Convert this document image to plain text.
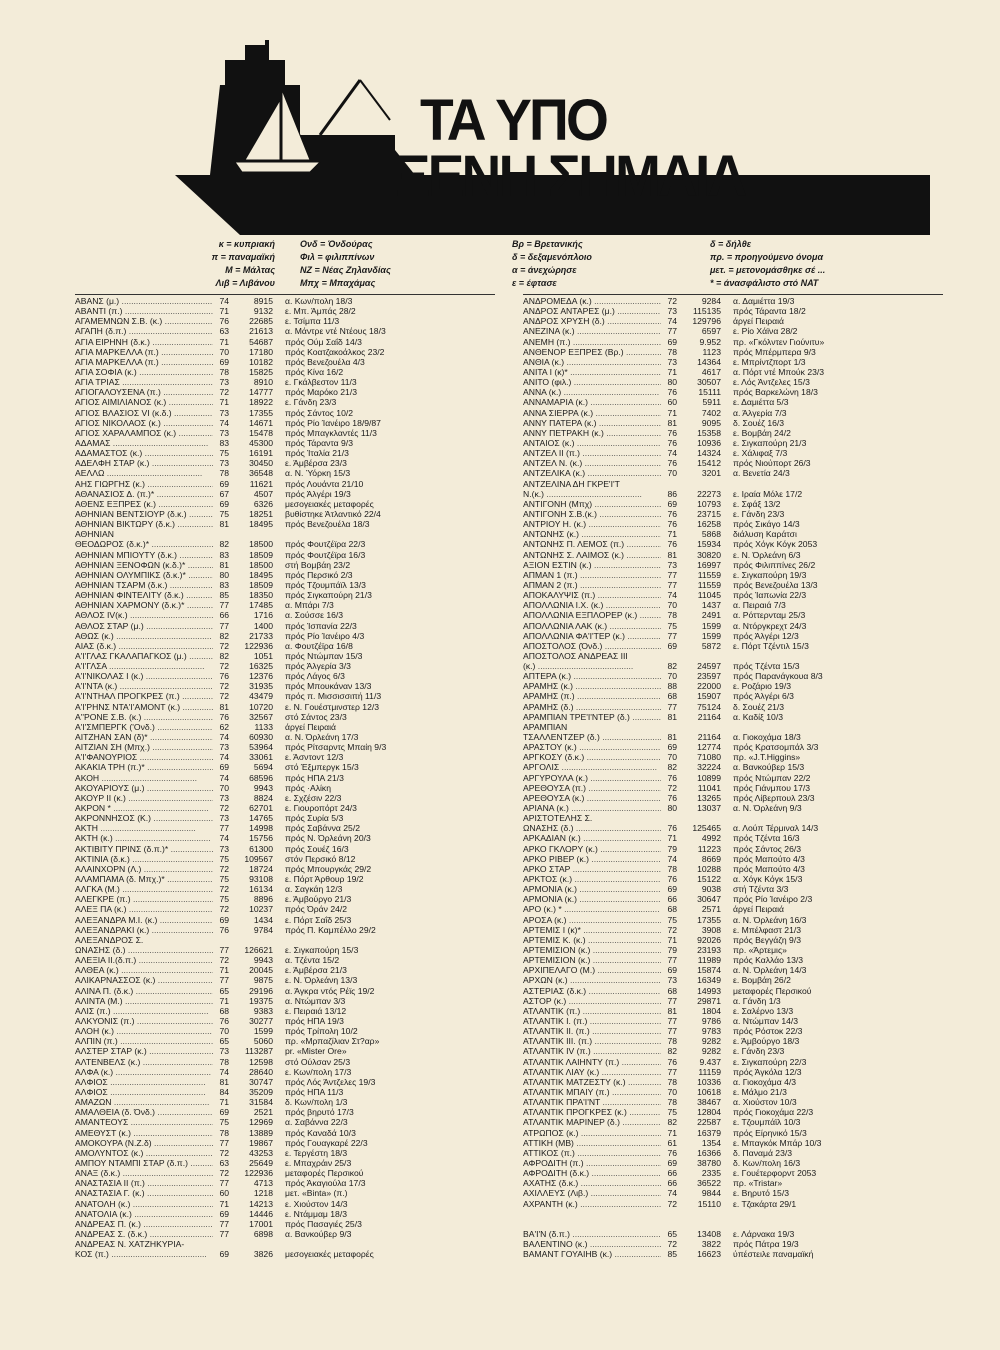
ΤΑ ΥΠΟ
ΞΕΝΗ ΣΗΜΑΙΑ
κ = κυπριακή
π = παναμαϊκή
Μ = Μάλτας
Λιβ = Λιβάνου
Ονδ = Όνδούρας
Φιλ = φιλιππίνων
ΝΖ = Νέας Ζηλανδίας
Μπχ = Μπαχάμας
Βρ = Βρετανικής
δ = δεξαμενόπλοιο
α = άνεχώρησε
ε = έφτασε
δ = δήλθε
πρ. = προηγούμενο όνομα
μετ. = μετονομάσθηκε σέ ...
* = άνασφάλιστο στό ΝΑΤ
ΑΒΑΝΣ (μ.) .....	74	8915 α. Κων/πολη 18/3
ΑΒΑΝΤΙ (π.) .....	71	9132 ε. Μπ. Άμπάς 28/2
ΑΓΑΜΕΜΝΩΝ Σ.Β. (κ.) .....	76	22685 ε. Τσίμπα 11/3
ΑΓΑΠΗ (δ.π.) .....	63	21613 α. Μάντρε ντέ Ντέους 18/3
ΑΓΙΑ ΕΙΡΗΝΗ (δ.κ.) .....	71	54687 πρός Ούμ Σαΐδ 14/3
ΑΓΙΑ ΜΑΡΚΕΛΛΑ (π.) .....	70	17180 πρός Κοατζακοάλκος 23/2
ΑΓΙΑ ΜΑΡΚΕΛΛΑ (π.) .....	69	10182 πρός Βενεζουέλα 4/3
ΑΓΙΑ ΣΟΦΙΑ (κ.) .....	78	15825 πρός Κίνα 16/2
ΑΓΙΑ ΤΡΙΑΣ .....	73	8910 ε. Γκάλβεστον 11/3
ΑΓΙΟΓΑΛΟΥΣΕΝΑ (π.) .....	72	14777 πρός Μαρόκο 21/3
ΑΓΙΟΣ ΑΙΜΙΛΙΑΝΟΣ (κ.) .....	71	18922 ε. Γάνδη 23/3
ΑΓΙΟΣ ΒΛΑΣΙΟΣ VI (κ.δ.) .....	73	17355 πρός Σάντος 10/2
ΑΓΙΟΣ ΝΙΚΟΛΑΟΣ (κ.) .....	74	14671 πρός Ρίο Ίανέιρο 18/9/87
ΑΓΙΟΣ ΧΑΡΑΛΑΜΠΟΣ (κ.) .....	73	15478 πρός Μπαγκλαντές 11/3
ΑΔΑΜΑΣ .....	83	45300 πρός Τάραντα 9/3
ΑΔΑΜΑΣΤΟΣ (κ.) .....	75	16191 πρός Ίταλία 21/3
ΑΔΕΛΦΗ ΣΤΑΡ (κ.) .....	73	30450 ε. Άμβέρσα 23/3
ΑΕΛΛΩ .....	78	36548 α. Ν. Ύόρκη 15/3
ΑΗΣ ΓΙΩΡΓΗΣ (κ.) .....	69	11621 πρός Λουάντα 21/10
ΑΘΑΝΑΣΙΟΣ Δ. (π.)* .....	67	4507 πρός Άλγέρι 19/3
ΑΘΕΝΣ ΕΞΠΡΕΣ (κ.) .....	69	6326 μεσογειακές μεταφορές
ΑΘΗΝΙΑΝ ΒΕΝΤΣΙΟΥΡ (δ.κ.) .....	75	18251 βυθίστηκε Άτλαντικό 22/4
ΑΘΗΝΙΑΝ ΒΙΚΤΩΡΥ (δ.κ.) .....	81	18495 πρός Βενεζουέλα 18/3
ΑΘΗΝΙΑΝ
ΘΕΟΔΩΡΟΣ (δ.κ.)* .....	82	18500 πρός Φουτζέϊρα 22/3
ΑΘΗΝΙΑΝ ΜΠΙΟΥΤΥ (δ.κ.) .....	83	18509 πρός Φουτζέϊρα 16/3
ΑΘΗΝΙΑΝ ΞΕΝΟΦΩΝ (κ.δ.)* .....	81	18500 στή Βομβάη 23/2
ΑΘΗΝΙΑΝ ΟΛΥΜΠΙΚΣ (δ.κ.)* .....	80	18495 πρός Περσικό 2/3
ΑΘΗΝΙΑΝ ΤΣΑΡΜ (δ.κ.) .....	83	18509 πρός Τζουμπάϊλ 13/3
ΑΘΗΝΙΑΝ ΦΙΝΤΕΛΙΤΥ (δ.κ.) .....	85	18350 πρός Σιγκαπούρη 21/3
ΑΘΗΝΙΑΝ ΧΑΡΜΟΝΥ (δ.κ.)* .....	77	17485 α. Μπάρι 7/3
ΑΘΛΟΣ IV(κ.) .....	66	1716 α. Σούσσε 16/3
ΑΘΛΟΣ ΣΤΑΡ (μ.) .....	77	1400 πρός Ίσπανία 22/3
ΑΘΩΣ (κ.) .....	82	21733 πρός Ρίο Ίανέιρο 4/3
ΑΙΑΣ (δ.κ.) .....	72	122936 α. Φουτζέϊρα 16/8
Α'Ι'ΓΛΑΣ ΓΚΑΛΑΠΑΓΚΟΣ (μ.) .....	82	1051 πρός Ντώμπαν 15/3
Α'Ι'ΓΛΣΑ .....	72	16325 πρός Άλγερία 3/3
Α'Ι'ΝΙΚΟΛΑΣ Ι (κ.) .....	76	12376 πρός Λάγος 6/3
Α'Ι'ΝΤΑ (κ.) .....	72	31935 πρός Μπουκάναν 13/3
Α'Ι'ΝΤΗΑΛ ΠΡΟΓΚΡΕΣ (π.) .....	72	43479 πρός π. Μισσισσιπή 11/3
Α'Ι'ΡΗΝΣ ΝΤΑ'Ι'ΑΜΟΝΤ (κ.) .....	81	10720 ε. Ν. Γουέστμινστερ 12/3
Α''ΡΟΝΕ Σ.Β. (κ.) .....	76	32567 στό Σάντος 23/3
Α'Ι'ΣΜΠΕΡΓΚ ('Ονδ.) .....	62	1133 άργεί Πειραιά
ΑΙΤΖΗΑΝ ΣΑΝ (δ)* .....	74	60930 α. Ν. Όρλεάνη 17/3
ΑΙΤΖΙΑΝ ΣΗ (Μπχ.) .....	73	53964 πρός Ρίτσαρντς Μπαίη 9/3
Α'Ι'ΦΑΝΟΥΡΙΟΣ .....	74	33061 ε. Άσντοντ 12/3
ΑΚΑΚΙΑ ΤΡΗ (π.)* .....	69	5694 στό Έξμπεργκ 15/3
ΑΚΟΗ .....	74	68596 πρός ΗΠΑ 21/3
ΑΚΟΥΑΡΙΟΥΣ (μ.) .....	70	9943 πρός ·Αλίκη
ΑΚΟΥΡ ΙΙ (κ.) .....	73	8824 ε. Σχζέσιν 22/3
ΑΚΡΟΝ * .....	72	62701 ε. Γιουροπόρτ 24/3
ΑΚΡΟΝΝΗΣΟΣ (Κ.) .....	73	14765 πρός Συρία 5/3
ΑΚΤΗ .....	77	14998 πρός Σαβάννα 25/2
ΑΚΤΗ (κ.) .....	74	15756 πρός Ν. Όρλεάνη 20/3
ΑΚΤΙΒΙΤΥ ΠΡΙΝΣ (δ.π.)* .....	73	61300 πρός Σουέζ 16/3
ΑΚΤΙΝΙΑ (δ.κ.) .....	75	109567 στόν Περσικό 8/12
ΑΛΑΙΝΧΟΡΝ (Λ.) .....	72	18724 πρός Μπουργκάς 29/2
ΑΛΑΜΠΑΜΑ (δ. Μπχ.)* .....	75	93108 ε. Πόρτ Άρθουρ 19/2
ΑΛΓΚΑ (Μ.) .....	72	16134 α. Σαγκάη 12/3
ΑΛΕΓΚΡΕ (π.) .....	75	8896 ε. Άμβούργο 21/3
ΑΛΕΞ ΠΑ (κ.) .....	72	10237 πρός Όράν 24/2
ΑΛΕΞΑΝΔΡΑ Μ.Ι. (κ.) .....	69	1434 ε. Πόρτ Σαΐδ 25/3
ΑΛΕΞΑΝΔΡΑΚΙ (κ.) .....	76	9784 πρός Π. Καμπέλλο 29/2
ΑΛΕΞΑΝΔΡΟΣ Σ.
ΩΝΑΣΗΣ (δ.) .....	77	126621 ε. Σιγκαπούρη 15/3
ΑΛΕΞΙΑ ΙΙ.(δ.π.) .....	72	9943 α. Τζέντα 15/2
ΑΛΘΕΑ (κ.) .....	71	20045 ε. Άμβέρσα 21/3
ΑΛΙΚΑΡΝΑΣΣΟΣ (κ.) .....	77	9875 ε. Ν. Όρλεάνη 13/3
ΑΛΙΝΑ Π. (δ.κ.) .....	65	29196 α. Άγκρα ντός Ρέϊς 19/2
ΑΛΙΝΤΑ (Μ.) .....	71	19375 α. Ντώμπαν 3/3
ΑΛΙΣ (π.) .....	68	9383 ε. Πειραιά 13/12
ΑΛΚΥΟΝΙΣ (π.) .....	76	30277 πρός ΗΠΑ 19/3
ΑΛΟΗ (κ.) .....	70	1599 πρός Τρίπολη 10/2
ΑΛΠΙΝ (π.) .....	65	5060 πρ. «Μρπαζίλιαν Στ?αρ»
ΑΛΣΤΕΡ ΣΤΑΡ (κ.) .....	73	113287 pr. «Mister Ore»
ΑΛΤΕΝΒΕΛΣ (κ.) .....	78	12598 στό Ούλσαν 25/3
ΑΛΦΑ (κ.) .....	74	28640 ε. Κων/πολη 17/3
ΑΛΦΙΟΣ .....	81	30747 πρός Λός Άντζελες 19/3
ΑΛΦΙΟΣ .....	84	35209 πρός ΗΠΑ 11/3
ΑΜΑΖΩΝ .....	71	31584 δ. Κων/πολη 1/3
ΑΜΑΛΘΕΙΑ (δ. Όνδ.) .....	69	2521 πρός βηρυτό 17/3
ΑΜΑΝΤΕΟΥΣ .....	75	12969 α. Σαβάννα 22/3
ΑΜΕΘΥΣΤ (κ.) .....	78	13889 πρός Καναδά 10/3
ΑΜΟΚΟΥΡΑ (Ν.Ζ.δ) .....	77	19867 πρός Γουαγκαρέ 22/3
ΑΜΟΛΥΝΤΟΣ (κ.) .....	72	43253 ε. Τεργέστη 18/3
ΑΜΠΟΥ ΝΤΑΜΠΙ ΣΤΑΡ (δ.π.) .....	63	25649 ε. Μπαχράιν 25/3
ΑΝΑΞ (δ.κ.) .....	72	122936 μεταφορές Περσικού
ΑΝΑΣΤΑΣΙΑ ΙΙ (π.) .....	77	4713 πρός Άκαγιούλα 17/3
ΑΝΑΣΤΑΣΙΑ Γ. (κ.) .....	60	1218 μετ. «Binta» (π.)
ΑΝΑΤΟΛΗ (κ.) .....	71	14213 ε. Χιούστον 14/3
ΑΝΑΤΟΛΙΑ (κ.) .....	69	14446 ε. Ντάμμαμ 18/3
ΑΝΔΡΕΑΣ Π. (κ.) .....	77	17001 πρός Πασαγιές 25/3
ΑΝΔΡΕΑΣ Σ. (δ.κ.) .....	77	6898 α. Βανκούβερ 9/3
ΑΝΔΡΕΑΣ Ν. ΧΑΤΖΗΚΥΡΙΑ-
ΚΟΣ (π.) .....	69	3826 μεσογειακές μεταφορές
ΑΝΔΡΟΜΕΔΑ (κ.) .....	72	9284 α. Δαμιέττα 19/3
ΑΝΔΡΟΣ ΑΝΤΑΡΕΣ (μ.) .....	73	115135 πρός Τάραντα 18/2
ΑΝΔΡΟΣ ΧΡΥΣΗ (δ.) .....	74	129796 άργεί Πειραιά
ΑΝΕΖΙΝΑ (κ.) .....	77	6597 ε. Ρίο Χάϊνα 28/2
ΑΝΕΜΗ (π.) .....	69	9.952 πρ. «Γκόλντεν Γιούνιτυ»
ΑΝΘΕΝΟΡ ΕΞΠΡΕΣ (Βρ.) .....	78	1123 πρός Μπέρμπερα 9/3
ΑΝΘΙΑ (κ.) .....	73	14364 ε. Μπρίντζπορτ 1/3
ΑΝΙΤΑ Ι (κ)* .....	71	4617 α. Πόρτ ντέ Μπούκ 23/3
ΑΝΙΤΟ (φιλ.) .....	80	30507 ε. Λός Άντζελες 15/3
ΑΝΝΑ (κ.) .....	76	15111 πρός Βαρκελώνη 18/3
ΑΝΝΑΜΑΡΙΑ (κ.) .....	60	5911 ε. Δαμιέττα 5/3
ΑΝΝΑ ΣΙΕΡΡΑ (κ.) .....	71	7402 α. Άλγερία 7/3
ΑΝΝΥ ΠΑΤΕΡΑ (κ.) .....	81	9095 δ. Σουέζ 16/3
ΑΝΝΥ ΠΕΤΡΑΚΗ (κ.) .....	76	15358 ε. Βομβάη 24/2
ΑΝΤΑΙΟΣ (κ.) .....	76	10936 ε. Σιγκαπούρη 21/3
ΑΝΤΖΕΛ ΙΙ (π.) .....	74	14324 ε. Χάλιφαξ 7/3
ΑΝΤΖΕΛ Ν. (κ.) .....	76	15412 πρός Νιούπορτ 26/3
ΑΝΤΖΕΛΙΚΑ (κ.) .....	70	3201 α. Βενετία 24/3
ΑΝΤΖΕΛΙΝΑ ΔΗ ΓΚΡΕ'Ι'Τ
Ν.(κ.) .....	86	22273 ε. Ιραία Μόλε 17/2
ΑΝΤΙΓΟΝΗ (Μπχ) .....	69	10793 ε. Σφάξ 13/2
ΑΝΤΙΓΟΝΗ Σ.Β.(κ.) .....	76	23715 ε. Γάνδη 23/3
ΑΝΤΡΙΟΥ Η. (κ.) .....	76	16258 πρός Σικάγο 14/3
ΑΝΤΩΝΗΣ (κ.) .....	71	5868 διάλυση Καράτσι
ΑΝΤΩΝΗΣ Π. ΛΕΜΟΣ (π.) .....	76	15934 πρός Χόγκ Κόγκ 2053
ΑΝΤΩΝΗΣ Σ. ΛΑΙΜΟΣ (κ.) .....	81	30820 ε. Ν. Όρλεάνη 6/3
ΑΞΙΟΝ ΕΣΤΙΝ (κ.) .....	73	16997 πρός Φιλιππίνες 26/2
ΑΠΜΑΝ 1 (π.) .....	77	11559 ε. Σιγκαπούρη 19/3
ΑΠΜΑΝ 2 (π.) .....	77	11559 πρός Βενεζουέλα 13/3
ΑΠΟΚΑΛΥΨΙΣ (π.) .....	74	11045 πρός Ίαπωνία 22/3
ΑΠΟΛΛΩΝΙΑ Ι.Χ. (κ.) .....	70	1437 α. Πειραιά 7/3
ΑΠΟΛΛΩΝΙΑ ΕΞΠΛΟΡΕΡ (κ.) .....	78	2491 α. Ρόττερνταμ 25/3
ΑΠΟΛΛΩΝΙΑ ΛΑΚ (κ.) .....	75	1599 α. Ντόργκρεχτ 24/3
ΑΠΟΛΛΩΝΙΑ ΦΑ'Ι'ΤΕΡ (κ.) .....	77	1599 πρός Άλγέρι 12/3
ΑΠΟΣΤΟΛΟΣ (Όνδ.) .....	69	5872 ε. Πόρτ Τζέντιλ 15/3
ΑΠΟΣΤΟΛΟΣ ΑΝΔΡΕΑΣ ΙΙΙ
(κ.) .....	82	24597 πρός Τζέντα 15/3
ΑΠΤΕΡΑ (κ.) .....	70	23597 πρός Παρανάγκουα 8/3
ΑΡΑΜΗΣ (κ.) .....	88	22000 ε. Ροζάριο 19/3
ΑΡΑΜΗΣ (π.) .....	68	15907 πρός Άλγέρι 6/3
ΑΡΑΜΗΣ (δ.) .....	77	75124 δ. Σουέζ 21/3
ΑΡΑΜΠΙΑΝ ΤΡΕ'Ι'ΝΤΕΡ (δ.) .....	81	21164 α. Καδίξ 10/3
ΑΡΑΜΠΙΑΝ
ΤΣΑΛΛΕΝΤΖΕΡ (δ.) .....	81	21164 α. Γιοκοχάμα 18/3
ΑΡΑΣΤΟΥ (κ.) .....	69	12774 πρός Κρατσομπάλ 3/3
ΑΡΓΚΟΣΥ (δ.κ.) .....	70	71080 πρ. «J.T.Higgins»
ΑΡΓΟΛΙΣ .....	82	32224 α. Βανκούβερ 15/3
ΑΡΓΥΡΟΥΛΑ (κ.) .....	76	10899 πρός Ντώμπαν 22/2
ΑΡΕΘΟΥΣΑ (π.) .....	72	11041 πρός Γιάνμπου 17/3
ΑΡΕΘΟΥΣΑ (κ.) .....	76	13265 πρός Λίβερπουλ 23/3
ΑΡΙΑΝΑ (κ.) .....	80	13037 α. Ν. Όρλεάνη 9/3
ΑΡΙΣΤΟΤΕΛΗΣ Σ.
ΩΝΑΣΗΣ (δ.) .....	76	125465 α. Λούπ Τέρμιναλ 14/3
ΑΡΚΑΔΙΑΝ (κ.) .....	71	4992 πρός Τζέντα 16/3
ΑΡΚΟ ΓΚΛΟΡΥ (κ.) .....	79	11223 πρός Σάντος 26/3
ΑΡΚΟ ΡΙΒΕΡ (κ.) .....	74	8669 πρός Μαπούτο 4/3
ΑΡΚΟ ΣΤΑΡ .....	78	10288 πρός Μαπούτο 4/3
ΑΡΚΤΟΣ (κ.) .....	76	15122 α. Χόγκ Κόγκ 15/3
ΑΡΜΟΝΙΑ (κ.) .....	69	9038 στή Τζέντα 3/3
ΑΡΜΟΝΙΑ (κ.) .....	66	30647 πρός Ρίο Ίανέιρο 2/3
ΑΡΟ (κ.) * .....	68	2571 άργεί Πειραιά
ΑΡΟΣΑ (κ.) .....	75	17355 α. Ν. Όρλεάνη 16/3
ΑΡΤΕΜΙΣ Ι (κ)* .....	72	3908 ε. Μπέλφαστ 21/3
ΑΡΤΕΜΙΣ Κ. (κ.) .....	71	92026 πρός Βεγγάζη 9/3
ΑΡΤΕΜΙΣΙΟΝ (κ.) .....	79	23193 πρ. «Άρτεμις»
ΑΡΤΕΜΙΣΙΟΝ (κ.) .....	77	11989 πρός Καλλάο 13/3
ΑΡΧΙΠΕΛΑΓΟ (Μ.) .....	69	15874 α. Ν. Όρλεάνη 14/3
ΑΡΧΩΝ (κ.) .....	73	16349 ε. Βομβάη 26/2
ΑΣΤΕΡΙΑΣ (δ.κ.) .....	68	14993 μεταφορές Περσικού
ΑΣΤΟΡ (κ.) .....	77	29871 α. Γάνδη 1/3
ΑΤΛΑΝΤΙΚ (π.) .....	81	1804 ε. Σαλέρνο 13/3
ΑΤΛΑΝΤΙΚ Ι. (π.) .....	77	9786 α. Ντώμπαν 14/3
ΑΤΛΑΝΤΙΚ ΙΙ. (π.) .....	77	9783 πρός Ρόστοκ 22/3
ΑΤΛΑΝΤΙΚ ΙΙΙ. (π.) .....	78	9282 ε. Άμβούργο 18/3
ΑΤΛΑΝΤΙΚ ΙV (π.) .....	82	9282 ε. Γάνδη 23/3
ΑΤΛΑΝΤΙΚ ΛΑΙΗΝΤΥ (π.) .....	76	9.437 ε. Σιγκαπούρη 22/3
ΑΤΛΑΝΤΙΚ ΛΙΑΥ (κ.) .....	77	11159 πρός Άγκόλα 12/3
ΑΤΛΑΝΤΙΚ ΜΑΤΖΕΣΤΥ (κ.) .....	78	10336 α. Γιοκοχάμα 4/3
ΑΤΛΑΝΤΙΚ ΜΠΑΙΥ (π.) .....	70	10618 ε. Μάλμο 21/3
ΑΤΛΑΝΤΙΚ ΠΡΑ'Ι'ΝΤ .....	78	38467 α. Χιούστον 10/3
ΑΤΛΑΝΤΙΚ ΠΡΟΓΚΡΕΣ (κ.) .....	75	12804 πρός Γιοκοχάμα 22/3
ΑΤΛΑΝΤΙΚ ΜΑΡΙΝΕΡ (δ.) .....	82	22587 ε. Τζουμπάϊλ 10/3
ΑΤΡΩΠΟΣ (κ.) .....	71	16379 πρός Είρηνικό 15/3
ΑΤΤΙΚΗ (ΜΒ) .....	61	1354 ε. Μπαγκόκ Μπάρ 10/3
ΑΤΤΙΚΟΣ (π.) .....	76	16366 δ. Παναμά 23/3
ΑΦΡΟΔΙΤΗ (π.) .....	69	38780 δ. Κων/πολη 16/3
ΑΦΡΟΔΙΤΗ (δ.κ.) .....	66	2335 ε. Γουέτερφορντ 2053
ΑΧΑΤΗΣ (δ.κ.) .....	66	36522 πρ. «Tristar»
ΑΧΙΛΛΕΥΣ (Λιβ.) .....	74	9844 ε. Βηρυτό 15/3
ΑΧΡΑΝΤΗ (κ.) .....	72	15110 ε. Τζακάρτα 29/1
ΒΑ'Ι'Ν (δ.π.) .....	65	13408 ε. Λάρνακα 19/3
ΒΑΛΕΝΤΙΝΟ (κ.) .....	72	3822 πρός Πάτρα 19/3
ΒΑΜΑΝΤ ΓΟΥΑΙΗΒ (κ.) .....	85	16623 ύπέστειλε παναμαϊκή
